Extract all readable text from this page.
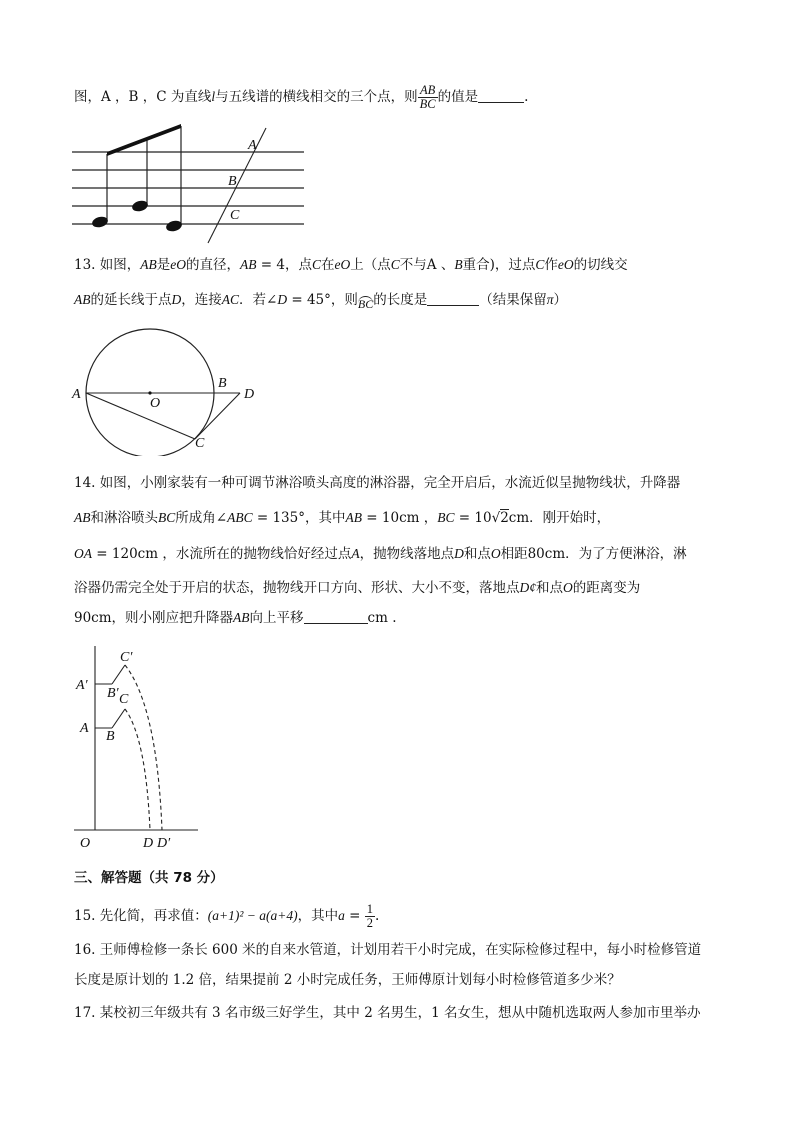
图，A ，B ，C 为直线l与五线谱的横线相交的三个点，则 $\frac{AB}{BC}$ 的值是	.
A
B
C
13. 如图，AB是eO的直径，AB = 4，点C在eO上（点C不与A 、B重合)，过点C作eO的切线交
AB的延长线于点D，连接AC．若∠D = 45°，则BC的长度是	（结果保留π）
A
B
D
O
C
14. 如图，小刚家装有一种可调节淋浴喷头高度的淋浴器，完全开启后，水流近似呈抛物线状，升降器
AB和淋浴喷头BC所成角∠ABC = 135°，其中AB = 10cm ，BC = 10√2cm．刚开始时，
OA = 120cm ，水流所在的抛物线恰好经过点A，抛物线落地点D和点O相距80cm．为了方便淋浴，淋
浴器仍需完全处于开启的状态，抛物线开口方向、形状、大小不变，落地点D¢和点O的距离变为
90cm，则小刚应把升降器AB向上平移	cm .
C′
A′
B′ C
A
B
O	D D′
三、解答题（共 78 分）
15. 先化简，再求值：(a+1)² − a(a+4)，其中$a = \frac{1}{2}$ .
16. 王师傅检修一条长 600 米的自来水管道，计划用若干小时完成，在实际检修过程中，每小时检修管道
长度是原计划的 1.2 倍，结果提前 2 小时完成任务，王师傅原计划每小时检修管道多少米？
17. 某校初三年级共有 3 名市级三好学生，其中 2 名男生，1 名女生，想从中随机选取两人参加市里举办
